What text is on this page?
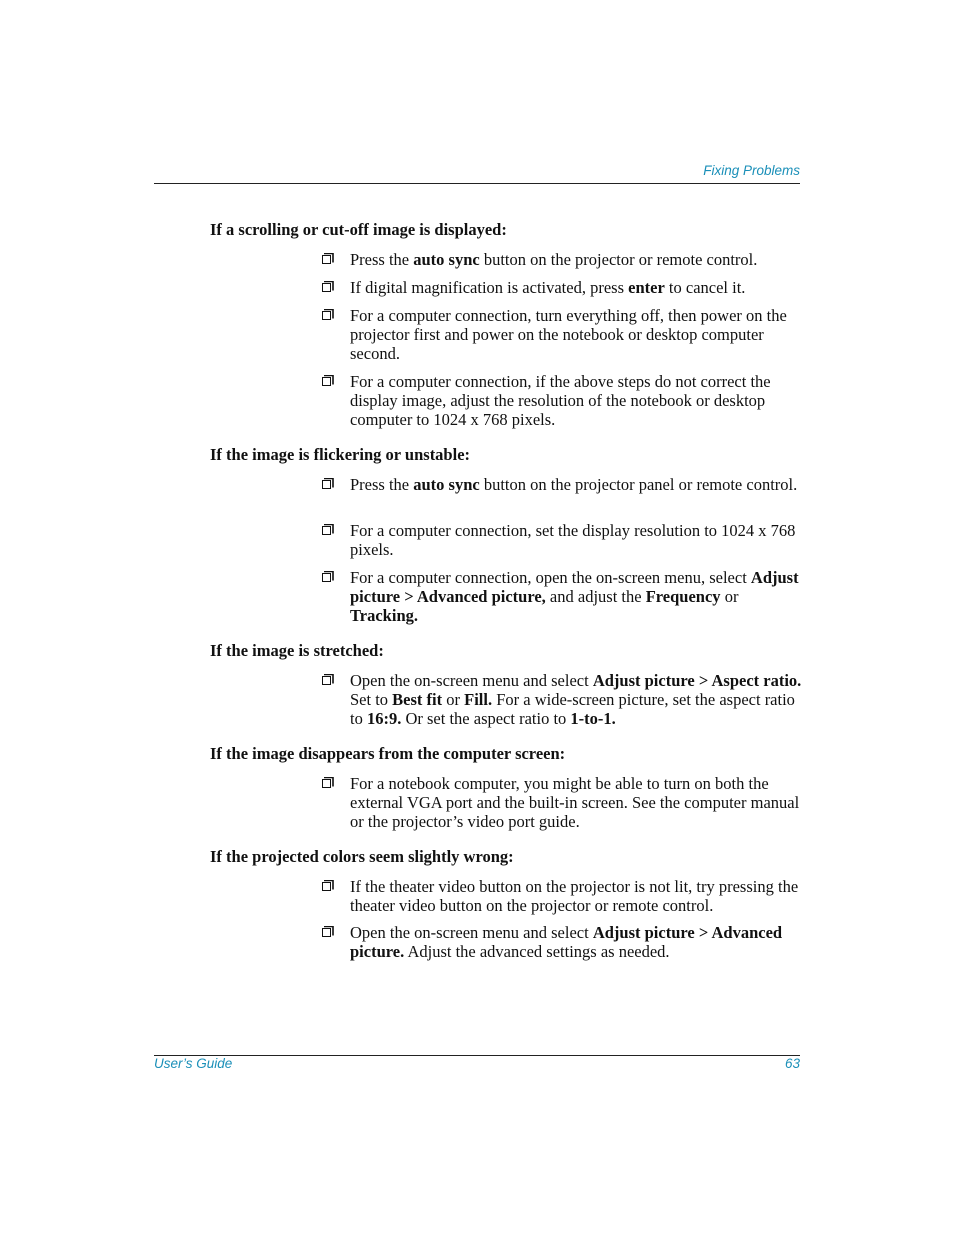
Fixing Problems
If a scrolling or cut-off image is displayed:
Press the auto sync button on the projector or remote control.
If digital magnification is activated, press enter to cancel it.
For a computer connection, turn everything off, then power on the projector first and power on the notebook or desktop computer second.
For a computer connection, if the above steps do not correct the display image, adjust the resolution of the notebook or desktop computer to 1024 x 768 pixels.
If the image is flickering or unstable:
Press the auto sync button on the projector panel or remote control.
For a computer connection, set the display resolution to 1024 x 768 pixels.
For a computer connection, open the on-screen menu, select Adjust picture > Advanced picture, and adjust the Frequency or Tracking.
If the image is stretched:
Open the on-screen menu and select Adjust picture > Aspect ratio. Set to Best fit or Fill. For a wide-screen picture, set the aspect ratio to 16:9. Or set the aspect ratio to 1-to-1.
If the image disappears from the computer screen:
For a notebook computer, you might be able to turn on both the external VGA port and the built-in screen. See the computer manual or the projector’s video port guide.
If the projected colors seem slightly wrong:
If the theater video button on the projector is not lit, try pressing the theater video button on the projector or remote control.
Open the on-screen menu and select Adjust picture > Advanced picture. Adjust the advanced settings as needed.
User’s Guide	63
